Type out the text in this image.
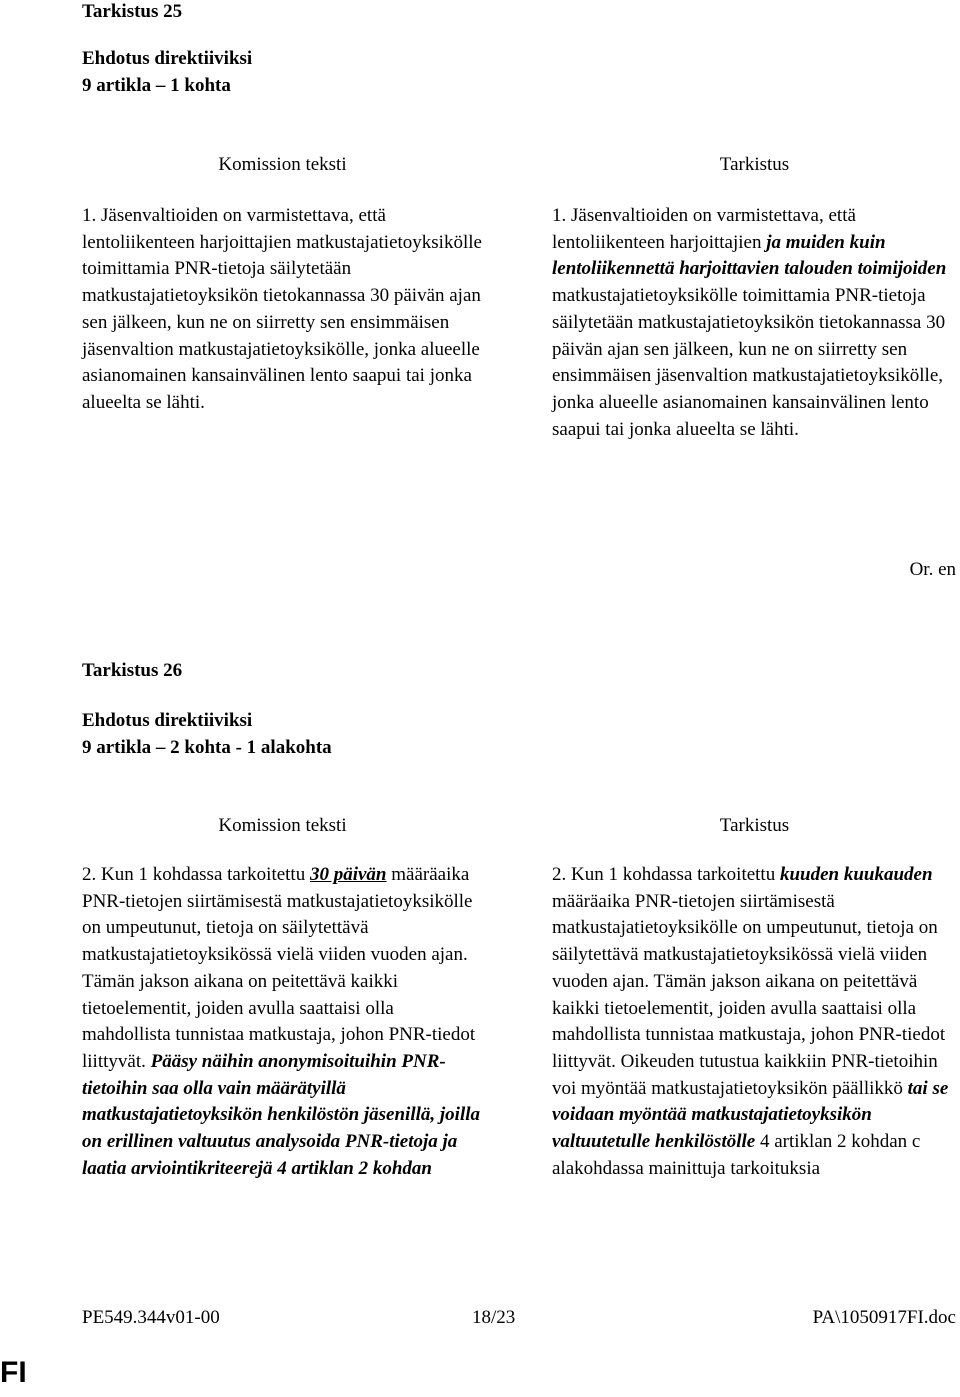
Tarkistus 25
Ehdotus direktiiviksi
9 artikla – 1 kohta
Komission teksti	Tarkistus

1. Jäsenvaltioiden on varmistettava, että lentoliikenteen harjoittajien matkustajatietoyksikölle toimittamia PNR-tietoja säilytetään matkustajatietoyksikön tietokannassa 30 päivän ajan sen jälkeen, kun ne on siirretty sen ensimmäisen jäsenvaltion matkustajatietoyksikölle, jonka alueelle asianomainen kansainvälinen lento saapui tai jonka alueelta se lähti.

1. Jäsenvaltioiden on varmistettava, että lentoliikenteen harjoittajien ja muiden kuin lentoliikennettä harjoittavien talouden toimijoiden matkustajatietoyksikölle toimittamia PNR-tietoja säilytetään matkustajatietoyksikön tietokannassa 30 päivän ajan sen jälkeen, kun ne on siirretty sen ensimmäisen jäsenvaltion matkustajatietoyksikölle, jonka alueelle asianomainen kansainvälinen lento saapui tai jonka alueelta se lähti.

Or. en
Tarkistus 26
Ehdotus direktiiviksi
9 artikla – 2 kohta - 1 alakohta
Komission teksti	Tarkistus

2. Kun 1 kohdassa tarkoitettu 30 päivän määräaika PNR-tietojen siirtämisestä matkustajatietoyksikölle on umpeutunut, tietoja on säilytettävä matkustajatietoyksikössä vielä viiden vuoden ajan. Tämän jakson aikana on peitettävä kaikki tietoelementit, joiden avulla saattaisi olla mahdollista tunnistaa matkustaja, johon PNR-tiedot liittyvät. Pääsy näihin anonymisoituihin PNR-tietoihin saa olla vain määrätyillä matkustajatietoyksikön henkilöstön jäsenillä, joilla on erillinen valtuutus analysoida PNR-tietoja ja laatia arviointikriteerejä 4 artiklan 2 kohdan

2. Kun 1 kohdassa tarkoitettu kuuden kuukauden määräaika PNR-tietojen siirtämisestä matkustajatietoyksikölle on umpeutunut, tietoja on säilytettävä matkustajatietoyksikössä vielä viiden vuoden ajan. Tämän jakson aikana on peitettävä kaikki tietoelementit, joiden avulla saattaisi olla mahdollista tunnistaa matkustaja, johon PNR-tiedot liittyvät. Oikeuden tutustua kaikkiin PNR-tietoihin voi myöntää matkustajatietoyksikön päällikkö tai se voidaan myöntää matkustajatietoyksikön valtuutetulle henkilöstölle 4 artiklan 2 kohdan c alakohdassa mainittuja tarkoituksia

PE549.344v01-00	18/23	PA\1050917FI.doc
FI
